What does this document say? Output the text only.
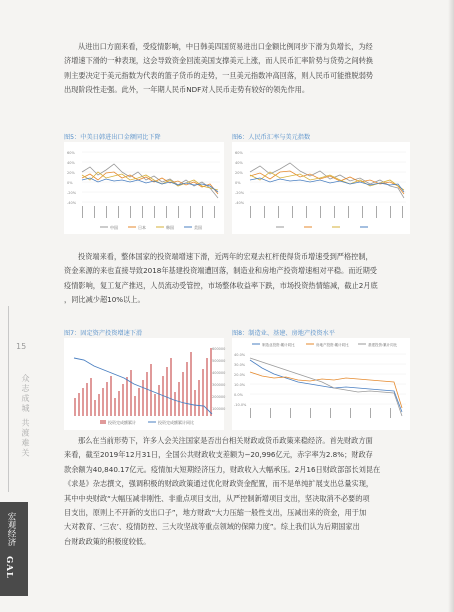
从进出口方面来看，受疫情影响，中日韩美四国贸易进出口金额比例同步下滑为负增长，为经
济增速下滑的一种表现，这会导致资金回流美国支撑美元上涨，而人民币汇率阶势与货势之间转换
则主要决定于美元指数为代表的篮子货币的走势，一旦美元指数冲高回落，则人民币可能推脱弱势
出现阶段性走强。此外，一年期人民币NDF对人民币走势有较好的领先作用。
图5：中美日韩进出口金额同比下降
60%
40%
20%
0%
-20%
-40%
中国	日本	韩国	美国
图6：人民币汇率与美元指数
60%
40%
20%
0%
-20%
-40%
投资端来看，整体国家的投资端增速下滑，近两年的宏观去杠杆使得货币增速受到严格控制，
资金来源的来也直接导致2018年基建投资端遭回落，制造业和房地产投资增速相对平稳。而近期受
疫情影响，复工复产推迟，人员流动受管控，市场整体收益率下跌，市场投资热情缩减，截止2月底
，同比减少超10%以上。
图7：固定资产投资增速下滑
600000
500000
400000
300000
200000
100000
投资完成额累计	投资完成额累计同比
图8：制造业、基建、房地产投资水平
制造业投资:累计同比	房地产投资:累计同比	基建投资:累计同比
40.0%
30.0%
20.0%
10.0%
0.0%
-10.0%
那么在当前形势下，许多人会关注国家是否出台相关财政或货币政策来稳经济。首先财政方面
来看，截至2019年12月31日，全国公共财政收支差额为−20,996亿元，赤字率为2.8%；财政存
款余额为40,840.17亿元。疫情加大短期经济压力，财政收入大幅承压。2月16日财政部部长刘昆在
《求是》杂志撰文，强调积极的财政政策通过优化财政资金配置，而不是单纯扩展支出总量实现，
其中中央财政“大幅压减非刚性、非重点项目支出，从严控制新增项目支出，坚决取消不必要的项
目支出，原则上不开新的支出口子”，地方财政“大力压缩一般性支出，压减出来的资金，用于加
大对教育、‘三农’、疫情防控、三大攻坚战等重点领域的保障力度”。综上我们认为后期国家出
台财政政策的积极度较低。
15
众志成城 共渡难关
宏观经济
GAL
